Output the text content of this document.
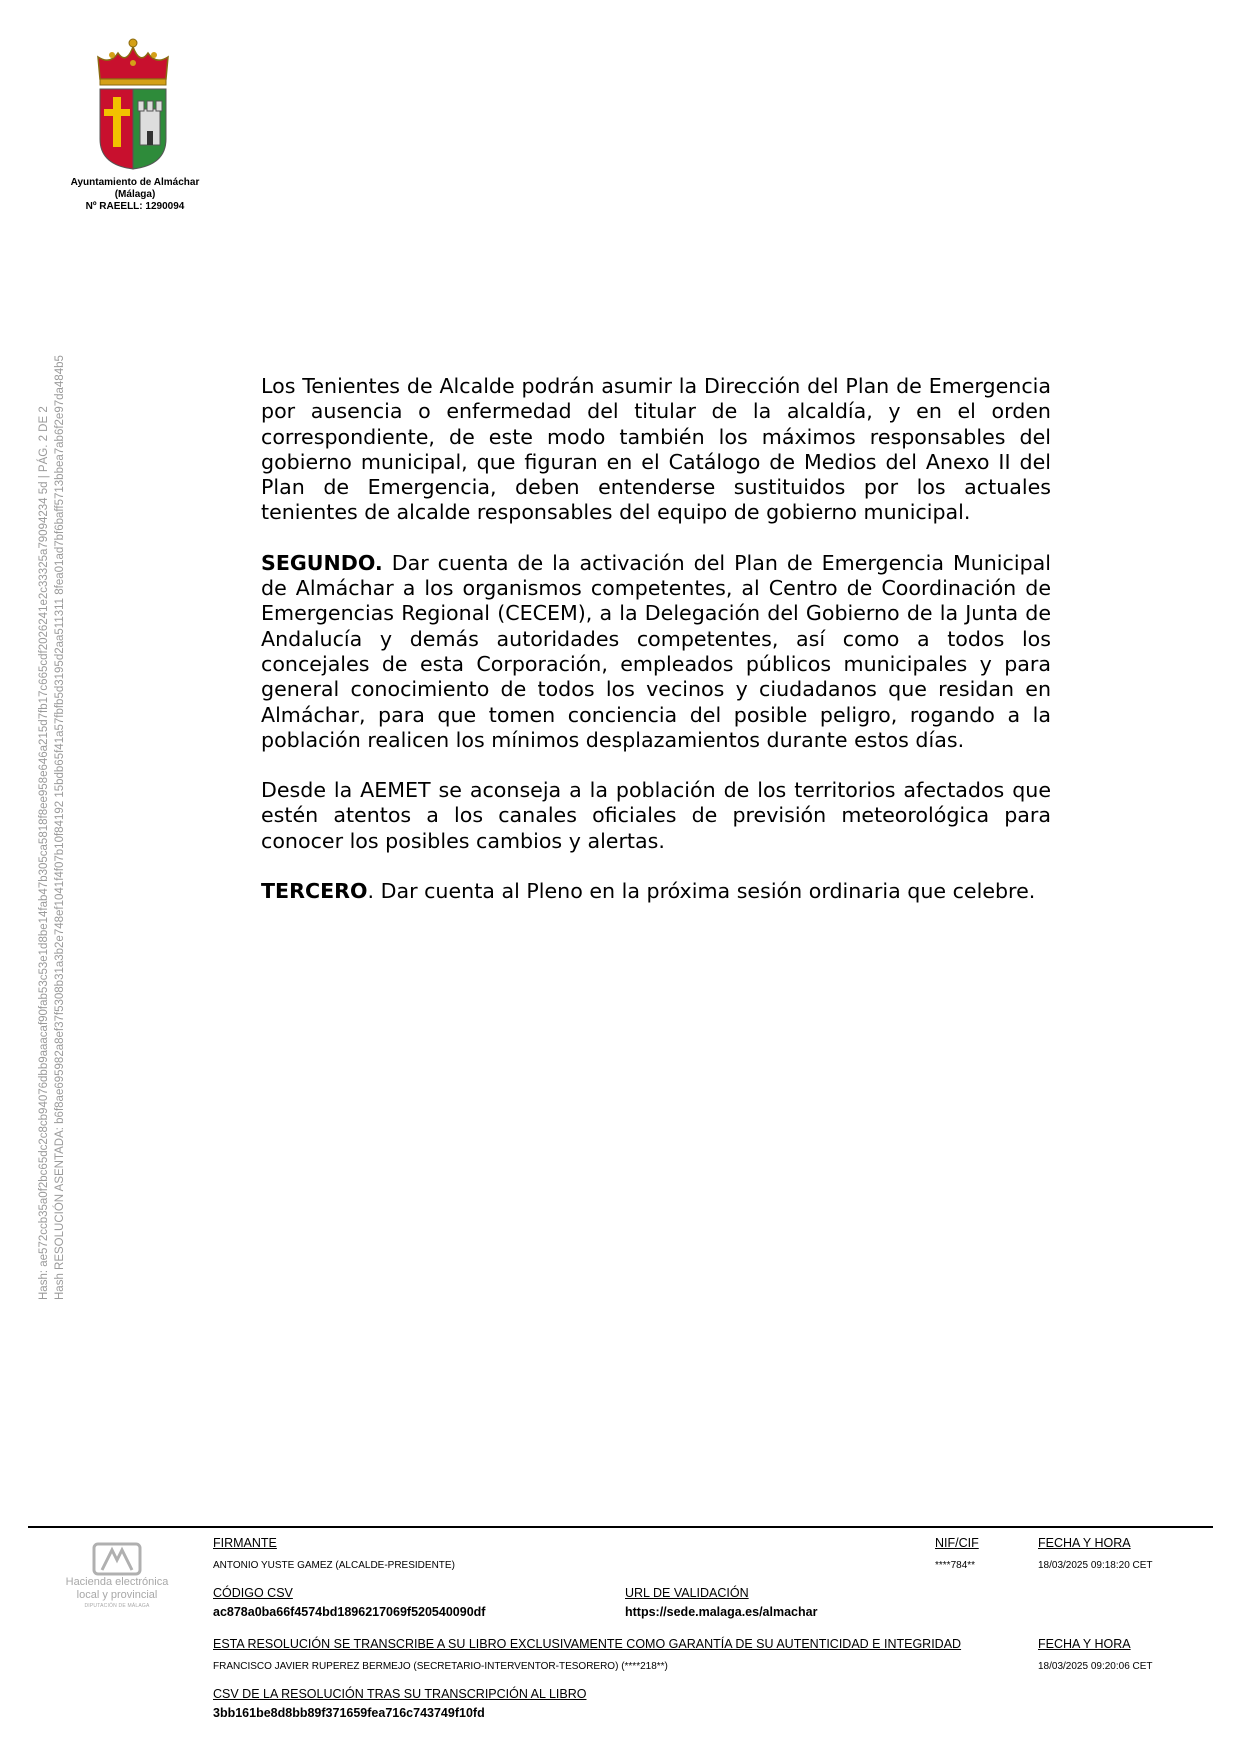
Ayuntamiento de Almáchar
(Málaga)
Nº RAEELL: 1290094
Hash: ae572ccb35a0f2bc65dc2c8cb94076dbb9aaacaf90fab53c53e1d8be14fab47b305ca5818f8ee958e646a215d7fb17c665cdf2026241e2c33325a79094234 5d | PÁG. 2 DE 2 Hash RESOLUCIÓN ASENTADA: b6f8ae695982a8ef37f5308b31a3b2e748ef1041f4f07b10f84192 15bdb65f41a57fbfb5d3195d2aa511311 8fea01ad7bf6baff5713bbea7ab6f2e97da484b5	Los Tenientes de Alcalde podrán asumir la Dirección del Plan de Emergencia por ausencia o enfermedad del titular de la alcaldía, y en el orden correspondiente, de este modo también los máximos responsables del gobierno municipal, que figuran en el Catálogo de Medios del Anexo II del Plan de Emergencia, deben entenderse sustituidos por los actuales tenientes de alcalde responsables del equipo de gobierno municipal.

SEGUNDO. Dar cuenta de la activación del Plan de Emergencia Municipal de Almáchar a los organismos competentes, al Centro de Coordinación de Emergencias Regional (CECEM), a la Delegación del Gobierno de la Junta de Andalucía y demás autoridades competentes, así como a todos los concejales de esta Corporación, empleados públicos municipales y para general conocimiento de todos los vecinos y ciudadanos que residan en Almáchar, para que tomen conciencia del posible peligro, rogando a la población realicen los mínimos desplazamientos durante estos días.

Desde la AEMET se aconseja a la población de los territorios afectados que estén atentos a los canales oficiales de previsión meteorológica para conocer los posibles cambios y alertas.

TERCERO. Dar cuenta al Pleno en la próxima sesión ordinaria que celebre.

Hacienda electrónica
local y provincial
DIPUTACIÓN DE MÁLAGA
FIRMANTE
ANTONIO YUSTE GAMEZ (ALCALDE-PRESIDENTE)
NIF/CIF
****784**
FECHA Y HORA
18/03/2025 09:18:20 CET
CÓDIGO CSV
ac878a0ba66f4574bd1896217069f520540090df
URL DE VALIDACIÓN
https://sede.malaga.es/almachar
ESTA RESOLUCIÓN SE TRANSCRIBE A SU LIBRO EXCLUSIVAMENTE COMO GARANTÍA DE SU AUTENTICIDAD E INTEGRIDAD
FRANCISCO JAVIER RUPEREZ BERMEJO (SECRETARIO-INTERVENTOR-TESORERO) (****218**)
FECHA Y HORA
18/03/2025 09:20:06 CET
CSV DE LA RESOLUCIÓN TRAS SU TRANSCRIPCIÓN AL LIBRO
3bb161be8d8bb89f371659fea716c743749f10fd
